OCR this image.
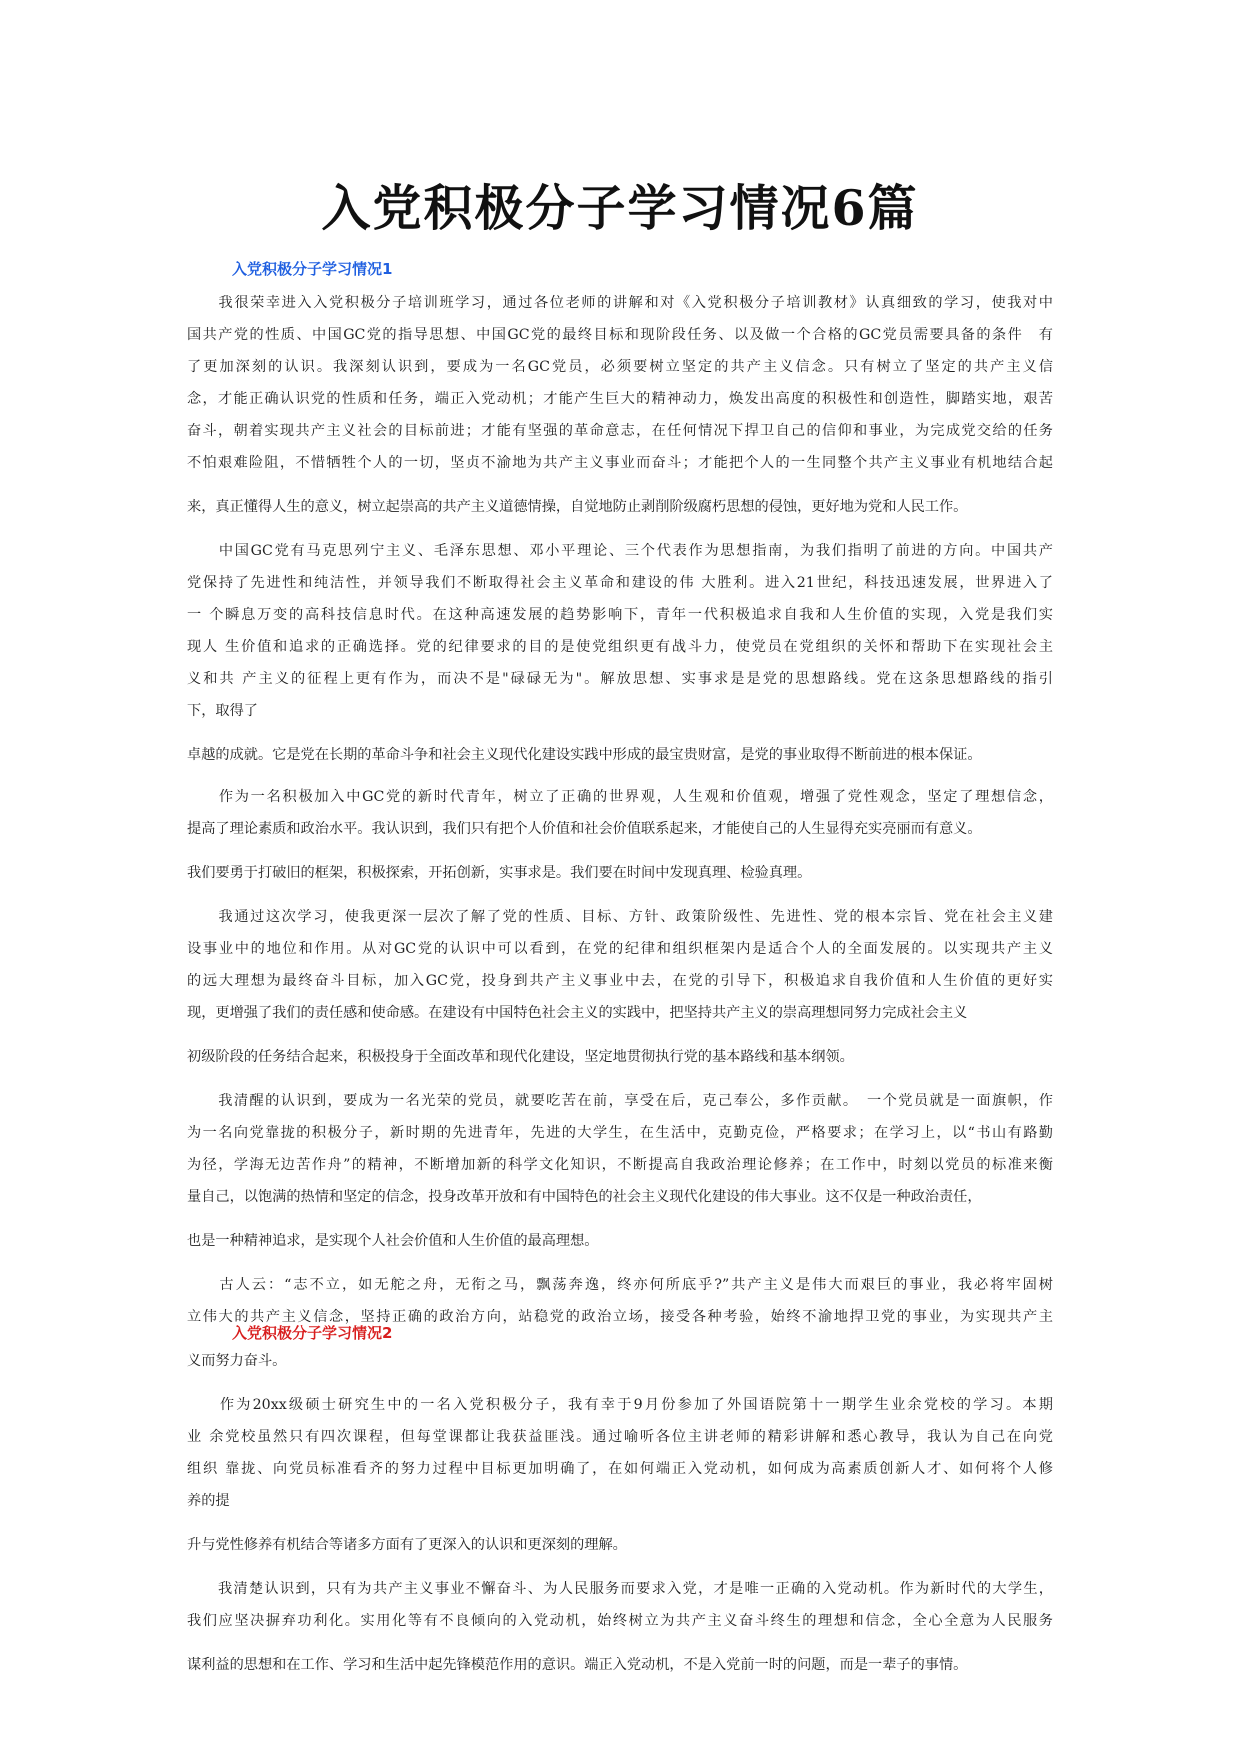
入党积极分子学习情况6篇
入党积极分子学习情况1
入党积极分子学习情况2
　　我很荣幸进入入党积极分子培训班学习，通过各位老师的讲解和对《入党积极分子培训教材》认真细致的学习，使我对中
国共产党的性质、中国GC党的指导思想、中国GC党的最终目标和现阶段任务、以及做一个合格的GC党员需要具备的条件　有
了更加深刻的认识。我深刻认识到，要成为一名GC党员，必须要树立坚定的共产主义信念。只有树立了坚定的共产主义信
念，才能正确认识党的性质和任务，端正入党动机；才能产生巨大的精神动力，焕发出高度的积极性和创造性，脚踏实地，艰苦
奋斗，朝着实现共产主义社会的目标前进；才能有坚强的革命意志，在任何情况下捍卫自己的信仰和事业，为完成党交给的任务
不怕艰难险阻，不惜牺牲个人的一切，坚贞不渝地为共产主义事业而奋斗；才能把个人的一生同整个共产主义事业有机地结合起
来，真正懂得人生的意义，树立起崇高的共产主义道德情操，自觉地防止剥削阶级腐朽思想的侵蚀，更好地为党和人民工作。
　　中国GC党有马克思列宁主义、毛泽东思想、邓小平理论、三个代表作为思想指南，为我们指明了前进的方向。中国共产
党保持了先进性和纯洁性，并领导我们不断取得社会主义革命和建设的伟 大胜利。进入21世纪，科技迅速发展，世界进入了
一 个瞬息万变的高科技信息时代。在这种高速发展的趋势影响下，青年一代积极追求自我和人生价值的实现，入党是我们实
现人 生价值和追求的正确选择。党的纪律要求的目的是使党组织更有战斗力，使党员在党组织的关怀和帮助下在实现社会主
义和共 产主义的征程上更有作为，而决不是"碌碌无为"。解放思想、实事求是是党的思想路线。党在这条思想路线的指引
下，取得了
卓越的成就。它是党在长期的革命斗争和社会主义现代化建设实践中形成的最宝贵财富，是党的事业取得不断前进的根本保证。
　　作为一名积极加入中GC党的新时代青年，树立了正确的世界观，人生观和价值观，增强了党性观念，坚定了理想信念，
提高了理论素质和政治水平。我认识到，我们只有把个人价值和社会价值联系起来，才能使自己的人生显得充实亮丽而有意义。
我们要勇于打破旧的框架，积极探索，开拓创新，实事求是。我们要在时间中发现真理、检验真理。
　　我通过这次学习，使我更深一层次了解了党的性质、目标、方针、政策阶级性、先进性、党的根本宗旨、党在社会主义建
设事业中的地位和作用。从对GC党的认识中可以看到，在党的纪律和组织框架内是适合个人的全面发展的。以实现共产主义
的远大理想为最终奋斗目标，加入GC党，投身到共产主义事业中去，在党的引导下，积极追求自我价值和人生价值的更好实
现，更增强了我们的责任感和使命感。在建设有中国特色社会主义的实践中，把坚持共产主义的崇高理想同努力完成社会主义
初级阶段的任务结合起来，积极投身于全面改革和现代化建设，坚定地贯彻执行党的基本路线和基本纲领。
　　我清醒的认识到，要成为一名光荣的党员，就要吃苦在前，享受在后，克己奉公，多作贡献。　一个党员就是一面旗帜，作
为一名向党靠拢的积极分子，新时期的先进青年，先进的大学生，在生活中，克勤克俭，严格要求；在学习上，以“书山有路勤
为径，学海无边苦作舟”的精神，不断增加新的科学文化知识，不断提高自我政治理论修养；在工作中，时刻以党员的标准来衡
量自己，以饱满的热情和坚定的信念，投身改革开放和有中国特色的社会主义现代化建设的伟大事业。这不仅是一种政治责任，
也是一种精神追求，是实现个人社会价值和人生价值的最高理想。
　　古人云：“志不立，如无舵之舟，无衔之马，飘荡奔逸，终亦何所底乎?”共产主义是伟大而艰巨的事业，我必将牢固树
立伟大的共产主义信念，坚持正确的政治方向，站稳党的政治立场，接受各种考验，始终不渝地捍卫党的事业，为实现共产主
义而努力奋斗。
　　作为20xx级硕士研究生中的一名入党积极分子，我有幸于9月份参加了外国语院第十一期学生业余党校的学习。本期
业 余党校虽然只有四次课程，但每堂课都让我获益匪浅。通过喻听各位主讲老师的精彩讲解和悉心教导，我认为自己在向党
组织 靠拢、向党员标准看齐的努力过程中目标更加明确了，在如何端正入党动机，如何成为高素质创新人才、如何将个人修
养的提
升与党性修养有机结合等诸多方面有了更深入的认识和更深刻的理解。
　　我清楚认识到，只有为共产主义事业不懈奋斗、为人民服务而要求入党，才是唯一正确的入党动机。作为新时代的大学生，
我们应坚决摒弃功利化。实用化等有不良倾向的入党动机，始终树立为共产主义奋斗终生的理想和信念，全心全意为人民服务
谋利益的思想和在工作、学习和生活中起先锋模范作用的意识。端正入党动机，不是入党前一时的问题，而是一辈子的事情。
